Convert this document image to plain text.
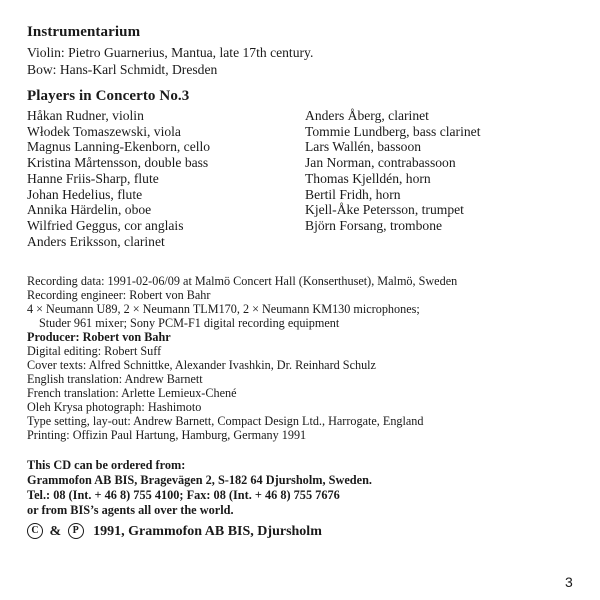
Instrumentarium
Violin: Pietro Guarnerius, Mantua, late 17th century.
Bow: Hans-Karl Schmidt, Dresden
Players in Concerto No.3
Håkan Rudner, violin
Włodek Tomaszewski, viola
Magnus Lanning-Ekenborn, cello
Kristina Mårtensson, double bass
Hanne Friis-Sharp, flute
Johan Hedelius, flute
Annika Härdelin, oboe
Wilfried Geggus, cor anglais
Anders Eriksson, clarinet
Anders Åberg, clarinet
Tommie Lundberg, bass clarinet
Lars Wallén, bassoon
Jan Norman, contrabassoon
Thomas Kjelldén, horn
Bertil Fridh, horn
Kjell-Åke Petersson, trumpet
Björn Forsang, trombone
Recording data: 1991-02-06/09 at Malmö Concert Hall (Konserthuset), Malmö, Sweden
Recording engineer: Robert von Bahr
4 × Neumann U89, 2 × Neumann TLM170, 2 × Neumann KM130 microphones;
Studer 961 mixer; Sony PCM-F1 digital recording equipment
Producer: Robert von Bahr
Digital editing: Robert Suff
Cover texts: Alfred Schnittke, Alexander Ivashkin, Dr. Reinhard Schulz
English translation: Andrew Barnett
French translation: Arlette Lemieux-Chené
Oleh Krysa photograph: Hashimoto
Type setting, lay-out: Andrew Barnett, Compact Design Ltd., Harrogate, England
Printing: Offizin Paul Hartung, Hamburg, Germany 1991
This CD can be ordered from:
Grammofon AB BIS, Bragevägen 2, S-182 64 Djursholm, Sweden.
Tel.: 08 (Int. + 46 8) 755 4100; Fax: 08 (Int. + 46 8) 755 7676
or from BIS’s agents all over the world.
C & P 1991, Grammofon AB BIS, Djursholm
3
